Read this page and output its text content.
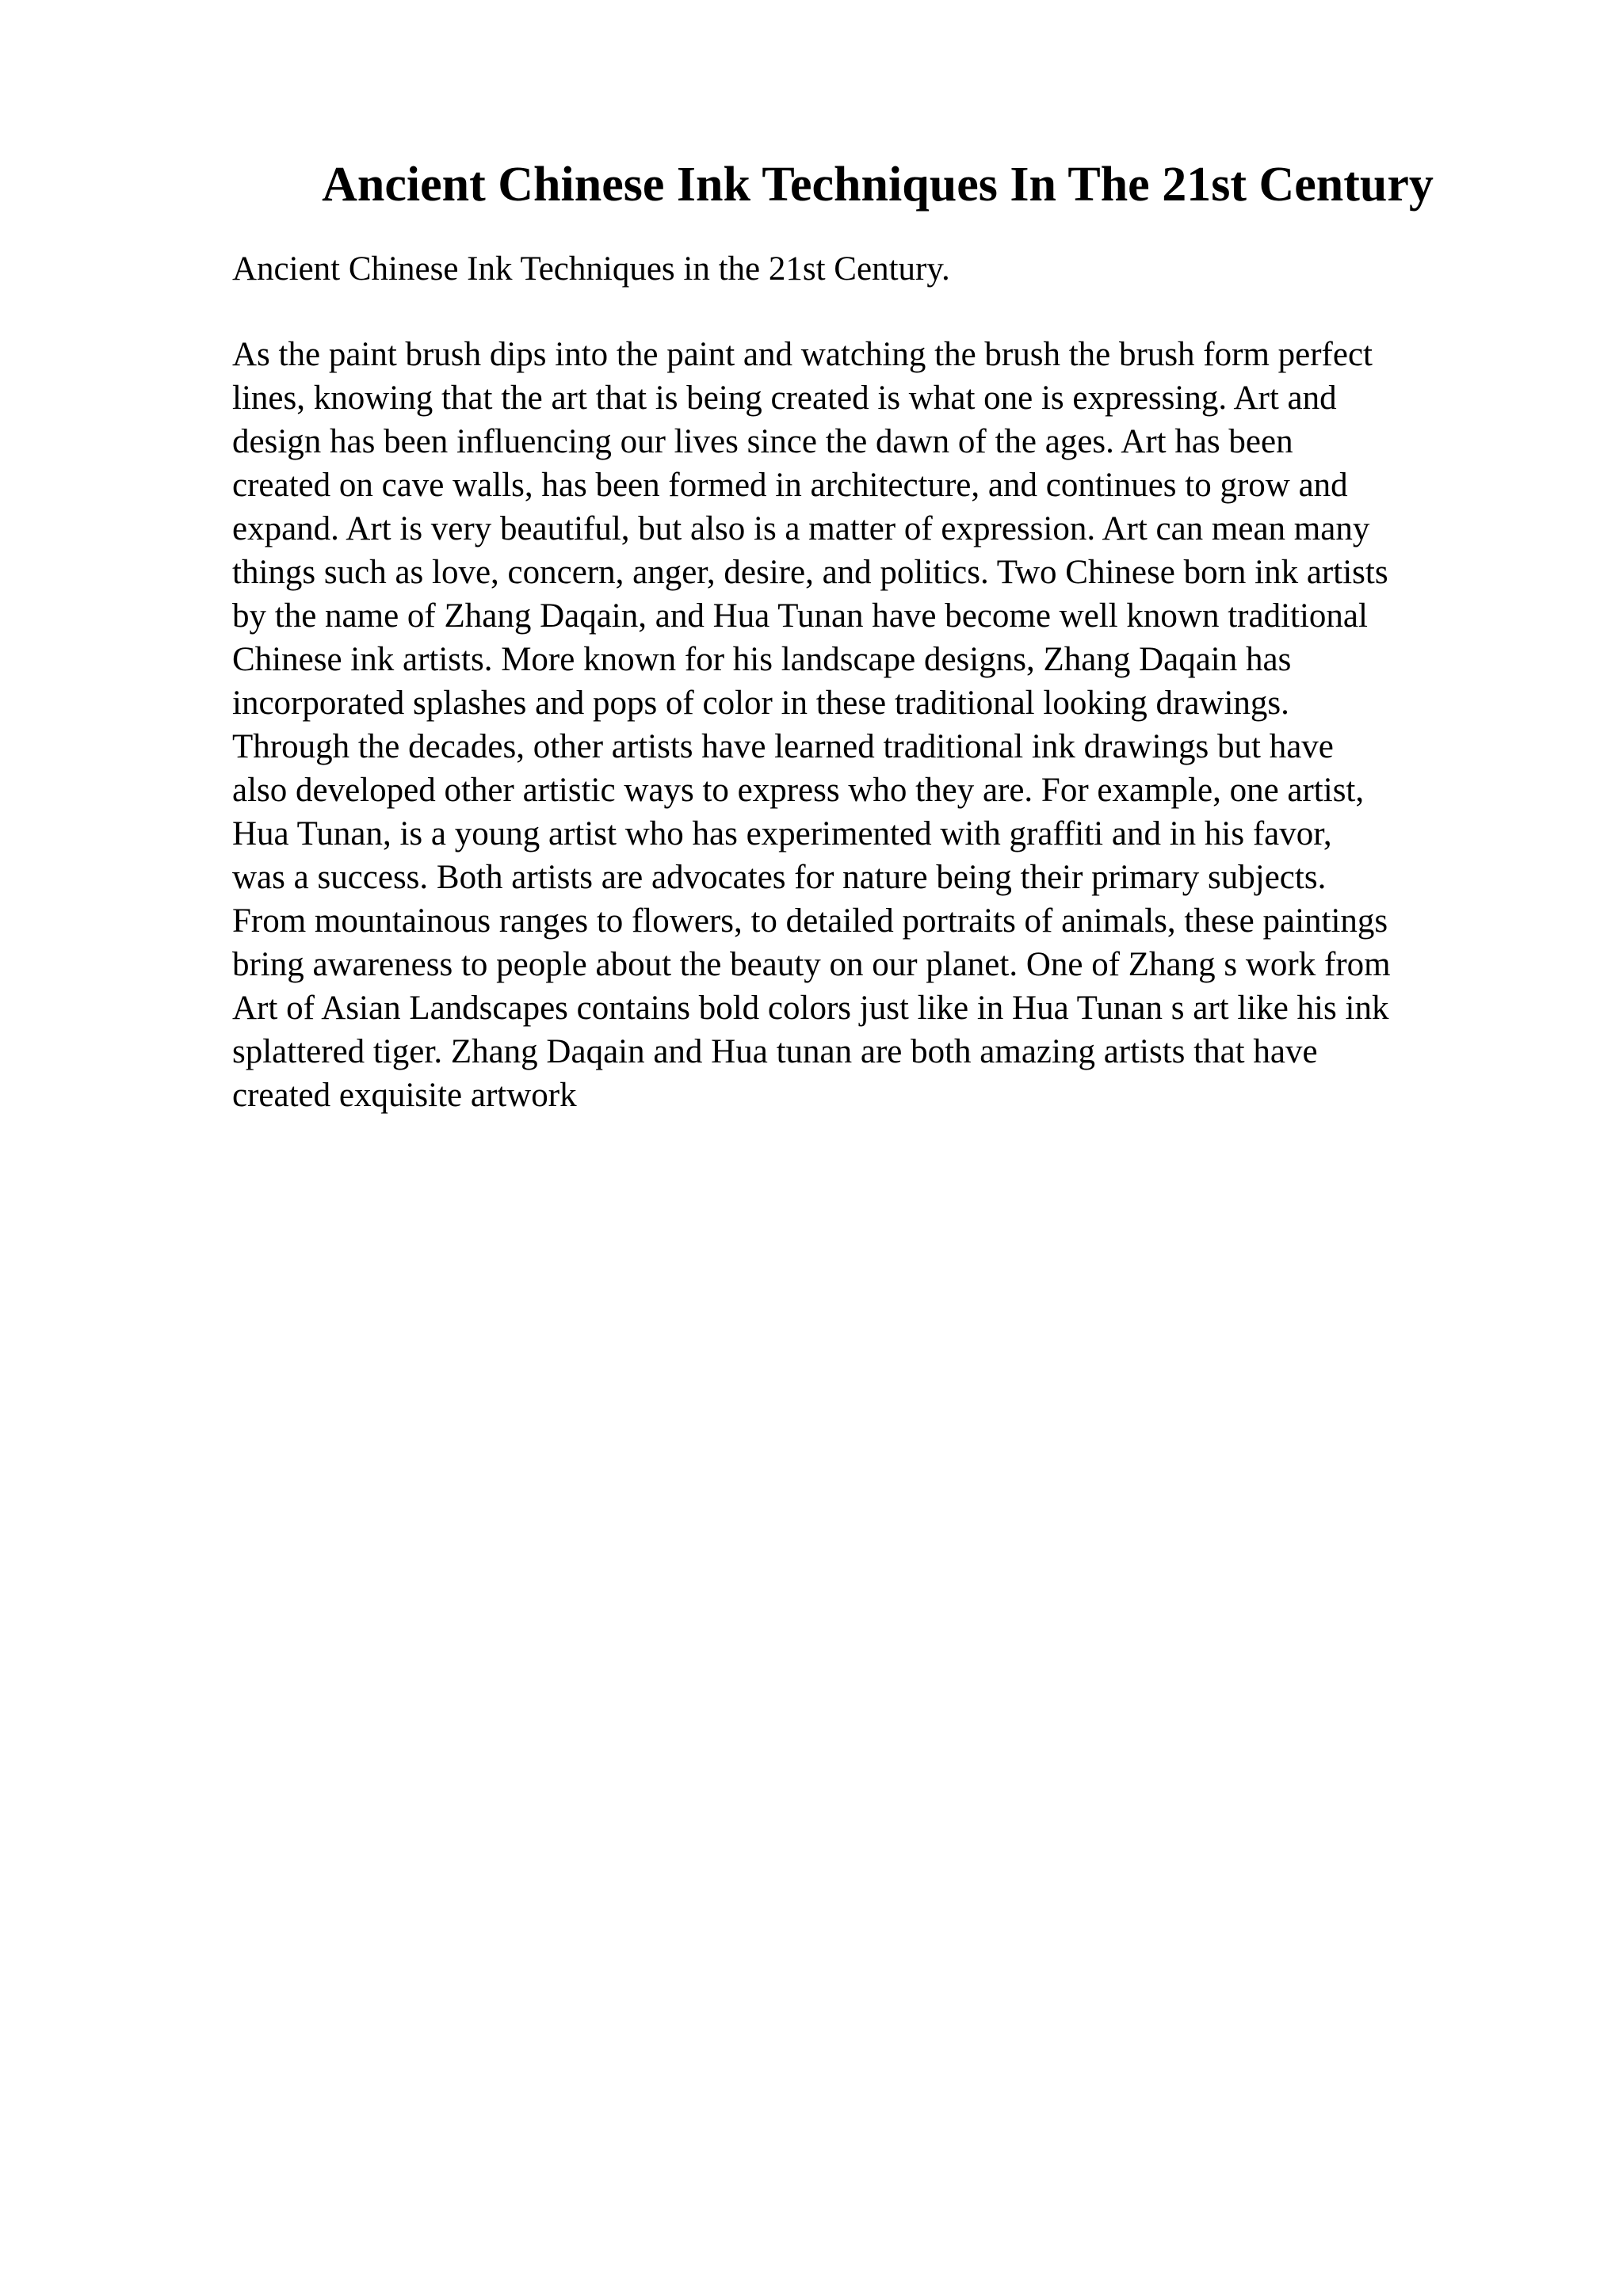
Ancient Chinese Ink Techniques In The 21st Century

Ancient Chinese Ink Techniques in the 21st Century.

As the paint brush dips into the paint and watching the brush the brush form perfect
lines, knowing that the art that is being created is what one is expressing. Art and
design has been influencing our lives since the dawn of the ages. Art has been
created on cave walls, has been formed in architecture, and continues to grow and
expand. Art is very beautiful, but also is a matter of expression. Art can mean many
things such as love, concern, anger, desire, and politics. Two Chinese born ink artists
by the name of Zhang Daqain, and Hua Tunan have become well known traditional
Chinese ink artists. More known for his landscape designs, Zhang Daqain has
incorporated splashes and pops of color in these traditional looking drawings.
Through the decades, other artists have learned traditional ink drawings but have
also developed other artistic ways to express who they are. For example, one artist,
Hua Tunan, is a young artist who has experimented with graffiti and in his favor,
was a success. Both artists are advocates for nature being their primary subjects.
From mountainous ranges to flowers, to detailed portraits of animals, these paintings
bring awareness to people about the beauty on our planet. One of Zhang s work from
Art of Asian Landscapes contains bold colors just like in Hua Tunan s art like his ink
splattered tiger. Zhang Daqain and Hua tunan are both amazing artists that have
created exquisite artwork
